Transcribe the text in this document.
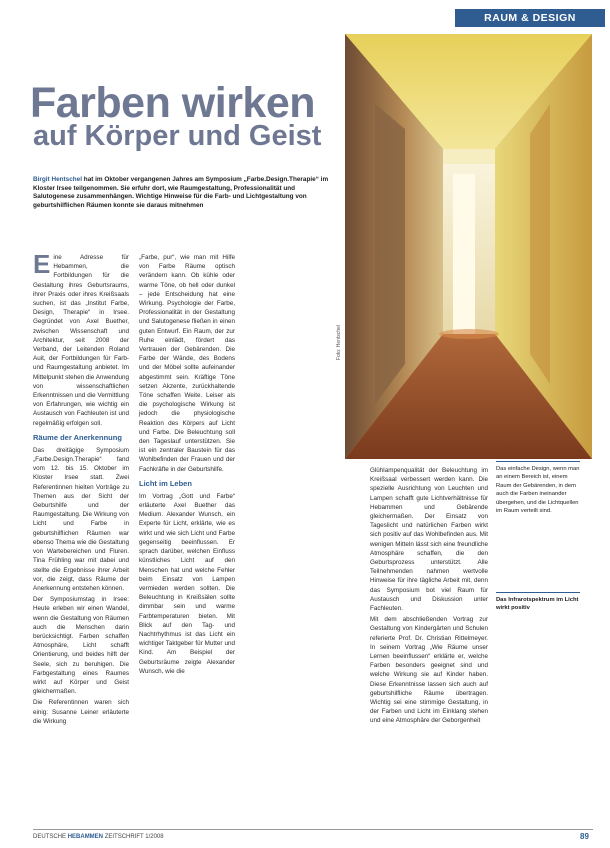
RAUM & DESIGN
Farben wirken
auf Körper und Geist
Birgit Hentschel hat im Oktober vergangenen Jahres am Symposium „Farbe.Design.Therapie“ im Kloster Irsee teilgenommen. Sie erfuhr dort, wie Raumgestaltung, Professionalität und Salutogenese zusammenhängen. Wichtige Hinweise für die Farb- und Lichtgestaltung von geburtshilflichen Räumen konnte sie daraus mitnehmen
Foto: Hentschel

Eine Adresse für Hebammen, die Fortbildungen für die Gestaltung ihres Geburtsraums, ihrer Praxis oder ihres Kreißsaals suchen, ist das „Institut Farbe, Design, Therapie“ in Irsee. Gegründet von Axel Buether, zwischen Wissenschaft und Architektur, seit 2008 der Verband, der Leitenden Roland Auit, der Fortbildungen für Farb- und Raumgestaltung anbietet. Im Mittelpunkt stehen die Anwendung von wissenschaftlichen Erkenntnissen und die Vermittlung von Erfahrungen, wie wichtig ein Austausch von Fachleuten ist und regelmäßig erfolgen soll.

Räume der Anerkennung

Das dreitägige Symposium „Farbe.Design.Therapie“ fand vom 12. bis 15. Oktober im Kloster Irsee statt. Zwei Referentinnen hielten Vorträge zu Themen aus der Sicht der Geburtshilfe und der Raumgestaltung. Die Wirkung von Licht und Farbe in geburtshilflichen Räumen war ebenso Thema wie die Gestaltung von Wartebereichen und Fluren. Tina Frühling war mit dabei und stellte die Ergebnisse ihrer Arbeit vor, die zeigt, dass Räume der Anerkennung entstehen können.

Der Symposiumstag in Irsee: Heute erleben wir einen Wandel, wenn die Gestaltung von Räumen auch die Menschen darin berücksichtigt. Farben schaffen Atmosphäre, Licht schafft Orientierung, und beides hilft der Seele, sich zu beruhigen. Die Farbgestaltung eines Raumes wirkt auf Körper und Geist gleichermaßen.

Die Referentinnen waren sich einig: Susanne Leiner erläuterte die Wirkung

„Farbe, pur“, wie man mit Hilfe von Farbe Räume optisch verändern kann. Ob kühle oder warme Töne, ob hell oder dunkel – jede Entscheidung hat eine Wirkung. Psychologie der Farbe, Professionalität in der Gestaltung und Salutogenese fließen in einen guten Entwurf. Ein Raum, der zur Ruhe einlädt, fördert das Vertrauen der Gebärenden. Die Farbe der Wände, des Bodens und der Möbel sollte aufeinander abgestimmt sein. Kräftige Töne setzen Akzente, zurückhaltende Töne schaffen Weite. Leiser als die psychologische Wirkung ist jedoch die physiologische Reaktion des Körpers auf Licht und Farbe. Die Beleuchtung soll den Tageslauf unterstützen. Sie ist ein zentraler Baustein für das Wohlbefinden der Frauen und der Fachkräfte in der Geburtshilfe.

Licht im Leben

Im Vortrag „Gott und Farbe“ erläuterte Axel Buether das Medium. Alexander Wunsch, ein Experte für Licht, erklärte, wie es wirkt und wie sich Licht und Farbe gegenseitig beeinflussen. Er sprach darüber, welchen Einfluss künstliches Licht auf den Menschen hat und welche Fehler beim Einsatz von Lampen vermieden werden sollten. Die Beleuchtung in Kreißsälen sollte dimmbar sein und warme Farbtemperaturen bieten. Mit Blick auf den Tag- und Nachtrhythmus ist das Licht ein wichtiger Taktgeber für Mutter und Kind. Am Beispiel der Geburtsräume zeigte Alexander Wunsch, wie die

Glühlampenqualität der Beleuchtung im Kreißsaal verbessert werden kann. Die spezielle Ausrichtung von Leuchten und Lampen schafft gute Lichtverhältnisse für Hebammen und Gebärende gleichermaßen. Der Einsatz von Tageslicht und natürlichen Farben wirkt sich positiv auf das Wohlbefinden aus. Mit wenigen Mitteln lässt sich eine freundliche Atmosphäre schaffen, die den Geburtsprozess unterstützt. Alle Teilnehmenden nahmen wertvolle Hinweise für ihre tägliche Arbeit mit, denn das Symposium bot viel Raum für Austausch und Diskussion unter Fachleuten.

Mit dem abschließenden Vortrag zur Gestaltung von Kindergärten und Schulen referierte Prof. Dr. Christian Rittelmeyer. In seinem Vortrag „Wie Räume unser Lernen beeinflussen“ erklärte er, welche Farben besonders geeignet sind und welche Wirkung sie auf Kinder haben. Diese Erkenntnisse lassen sich auch auf geburtshilfliche Räume übertragen. Wichtig sei eine stimmige Gestaltung, in der Farben und Licht im Einklang stehen und eine Atmosphäre der Geborgenheit

Das einfache Design, wenn man an einem Bereich ist, einem Raum der Gebärenden, in dem auch die Farben ineinander übergehen, und die Lichtquellen im Raum verteilt sind.
Das Infrarotspektrum im Licht wirkt positiv
DEUTSCHE HEBAMMEN ZEITSCHRIFT 1/2008	89
